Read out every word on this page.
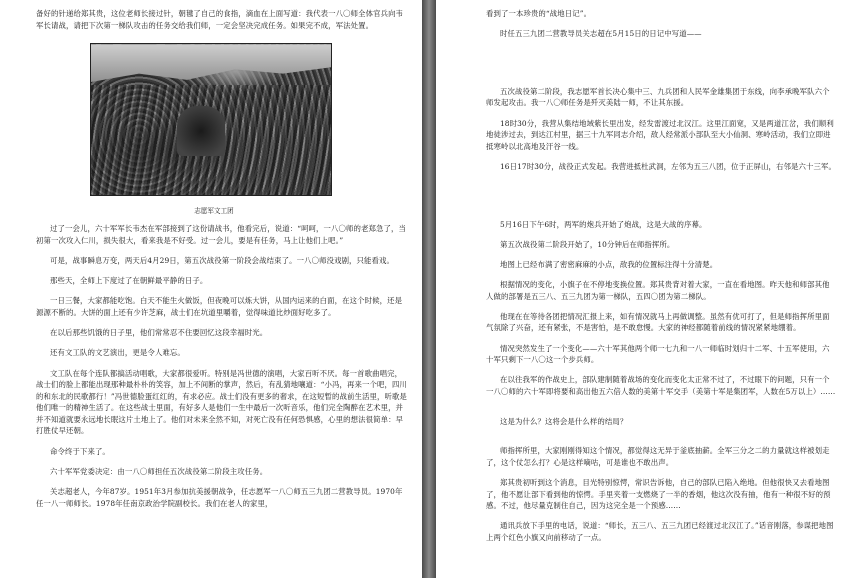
备好的针递给郑其贵，这位老师长接过针，朝毽了自己的食指，滴血在上面写道：我代表一八〇师全体官兵向韦军长请战，请把下次第一梯队攻击的任务交给我们师，一定会坚决完成任务。如果完不成，军法处置。

志愿军文工团

过了一会儿，六十军军长韦杰在军部接到了这份请战书，他看完后，说道：“呵呵，一八〇师的老郑急了，当初第一次攻入仁川，损失很大，看来我是不好受。过一会儿，要是有任务，马上让他们上吧。”

可是，战事瞬息万变，两天后4月29日，第五次战役第一阶段会战结束了。一八〇师没戏剧，只能看戏。

那些天，全师上下度过了在朝鲜最平静的日子。

一日三餐，大家都能吃饱。白天不能生火做饭，但夜晚可以炼大饼，从国内运来的白面，在这个时候，还是源源不断的。大饼的面上还有少许芝麻，战士们在坑道里嚼着，觉得味道比炒面好吃多了。

在以后那些饥饿的日子里，他们常常忍不住要回忆这段幸福时光。

还有文工队的文艺演出，更是令人难忘。

文工队在每个连队都搞活动唱歌，大家都很爱听。特别是冯世德的演唱，大家百听不厌。每一首歌曲唱完，战士们的脸上都能出现那种最朴朴的笑容，加上不间断的掌声，然后，有乱猜地嚷道：“小冯，再来一个吧，四川的和东北的民歌都行！”冯世德脸蛋红红的，有求必应。战士们没有更多的奢求，在这短暂的战前生活里，听歌是他们唯一的精神生活了。在这些战士里面，有好多人是他们一生中最后一次听音乐，他们完全陶醉在艺术里，并并不知道就要永远地长眠这片土地上了。他们对未来全然不知，对死亡没有任何恐惧感，心里的想法很简单：早打胜仗早还朝。

命令终于下来了。

六十军军党委决定：由一八〇师担任五次战役第二阶段主攻任务。

关志超老人，今年87岁。1951年3月参加抗美援朝战争，任志愿军一八〇师五三九团二营教导员。1970年任一八一师师长。1978年任南京政治学院副校长。我们在老人的家里，

看到了一本珍贵的“战地日记”。

时任五三九团二营教导员关志超在5月15日的日记中写道——

五次战役第二阶段，我志愿军首长决心集中三、九兵团和人民军金雄集团于东线，向李承晚军队六个师发起攻击。我一八〇师任务是歼灭美陆一师，不让其东援。

18时30分，我营从集结地域紫长里出发，经发雷渡过北汉江。这里江面宽，又是两道江岔，我们顺利地徒涉过去，到达江村里，据三十九军同志介绍，敌人经常派小部队至大小仙洞、寒岭活动，我们立即进抵寒岭以北高地及汗谷一线。

16日17时30分，战役正式发起。我营进抵杜武洞，左邻为五三八团，位于正屏山，右邻是六十三军。

5月16日下午6时，两军的炮兵开始了炮战，这是大战的序幕。

第五次战役第二阶段开始了，10分钟后在师指挥所。

地图上已经布满了密密麻麻的小点，敌我的位置标注得十分清楚。

根据情况的变化，小旗子在不停地变换位置。郑其贵背对着大家，一直在看地图。昨天他和师部其他人做的部署是五三八、五三九团为第一梯队，五四〇团为第二梯队。

他现在在等待各团把情况汇报上来，如有情况就马上再做调整。虽然有优可打了，但是师指挥所里面气氛除了兴奋，还有紧张，不是害怕，是不敢怠慢。大家的神经都随着前线的情况紧紧地绷着。

情况突然发生了一个变化——六十军其他两个师一七九和一八一师临时划归十二军、十五军使用，六十军只剩下一八〇这一个步兵师。

在以往我军的作战史上，部队建制随着战场的变化而变化太正常不过了，不过眼下的问题，只有一个一八〇师的六十军即将要和高出他五六倍人数的美第十军交手（美第十军是集团军，人数在5万以上）……

这是为什么？这将会是什么样的结局？

师指挥所里，大家刚刚得知这个情况，都觉得这无异于釜底抽薪。全军三分之二的力量就这样被划走了，这个仗怎么打？心是这样嘀咕，可是谁也不敢出声。

郑其贵初听到这个消息，目光特别惊愕，常识告诉他，自己的部队已陷入绝地。但他很快又去看地图了，他不愿让部下看到他的惊愕。手里夹着一支燃烧了一半的香烟，他这次没有抽，他有一种很不好的预感。不过，他尽量克制住自己，因为这完全是一个预感……

通讯兵放下手里的电话，说道：“师长，五三八、五三九团已经渡过北汉江了。”话音刚落，参谋把地图上两个红色小旗又向前移动了一点。
